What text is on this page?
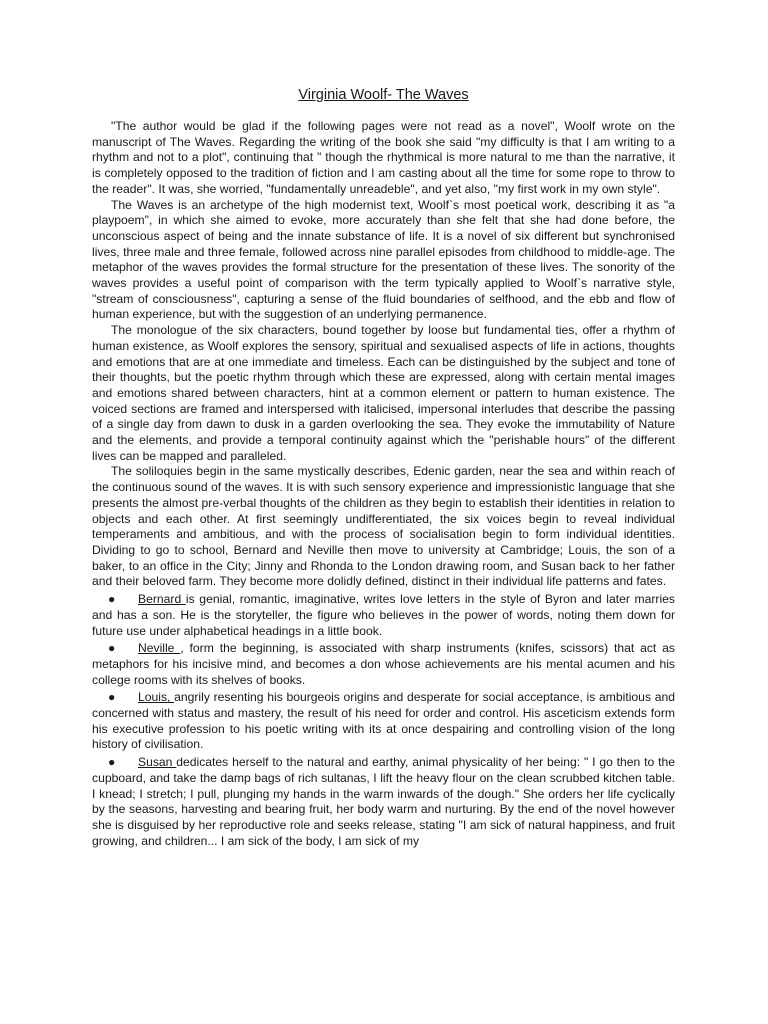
Virginia Woolf- The Waves

"The author would be glad if the following pages were not read as a novel", Woolf wrote on the manuscript of The Waves. Regarding the writing of the book she said "my difficulty is that I am writing to a rhythm and not to a plot", continuing that " though the rhythmical is more natural to me than the narrative, it is completely opposed to the tradition of fiction and I am casting about all the time for some rope to throw to the reader". It was, she worried, "fundamentally unreadeble", and yet also, "my first work in my own style".

The Waves is an archetype of the high modernist text, Woolf`s most poetical work, describing it as "a playpoem", in which she aimed to evoke, more accurately than she felt that she had done before, the unconscious aspect of being and the innate substance of life. It is a novel of six different but synchronised lives, three male and three female, followed across nine parallel episodes from childhood to middle-age. The metaphor of the waves provides the formal structure for the presentation of these lives. The sonority of the waves provides a useful point of comparison with the term typically applied to Woolf`s narrative style, "stream of consciousness", capturing a sense of the fluid boundaries of selfhood, and the ebb and flow of human experience, but with the suggestion of an underlying permanence.

The monologue of the six characters, bound together by loose but fundamental ties, offer a rhythm of human existence, as Woolf explores the sensory, spiritual and sexualised aspects of life in actions, thoughts and emotions that are at one immediate and timeless. Each can be distinguished by the subject and tone of their thoughts, but the poetic rhythm through which these are expressed, along with certain mental images and emotions shared between characters, hint at a common element or pattern to human existence. The voiced sections are framed and interspersed with italicised, impersonal interludes that describe the passing of a single day from dawn to dusk in a garden overlooking the sea. They evoke the immutability of Nature and the elements, and provide a temporal continuity against which the "perishable hours" of the different lives can be mapped and paralleled.

The soliloquies begin in the same mystically describes, Edenic garden, near the sea and within reach of the continuous sound of the waves. It is with such sensory experience and impressionistic language that she presents the almost pre-verbal thoughts of the children as they begin to establish their identities in relation to objects and each other. At first seemingly undifferentiated, the six voices begin to reveal individual temperaments and ambitious, and with the process of socialisation begin to form individual identities. Dividing to go to school, Bernard and Neville then move to university at Cambridge; Louis, the son of a baker, to an office in the City; Jinny and Rhonda to the London drawing room, and Susan back to her father and their beloved farm. They become more dolidly defined, distinct in their individual life patterns and fates.

● Bernard is genial, romantic, imaginative, writes love letters in the style of Byron and later marries and has a son. He is the storyteller, the figure who believes in the power of words, noting them down for future use under alphabetical headings in a little book.
● Neville , form the beginning, is associated with sharp instruments (knifes, scissors) that act as metaphors for his incisive mind, and becomes a don whose achievements are his mental acumen and his college rooms with its shelves of books.
● Louis, angrily resenting his bourgeois origins and desperate for social acceptance, is ambitious and concerned with status and mastery, the result of his need for order and control. His asceticism extends form his executive profession to his poetic writing with its at once despairing and controlling vision of the long history of civilisation.
● Susan dedicates herself to the natural and earthy, animal physicality of her being: " I go then to the cupboard, and take the damp bags of rich sultanas, I lift the heavy flour on the clean scrubbed kitchen table. I knead; I stretch; I pull, plunging my hands in the warm inwards of the dough." She orders her life cyclically by the seasons, harvesting and bearing fruit, her body warm and nurturing. By the end of the novel however she is disguised by her reproductive role and seeks release, stating "I am sick of natural happiness, and fruit growing, and children... I am sick of the body, I am sick of my
